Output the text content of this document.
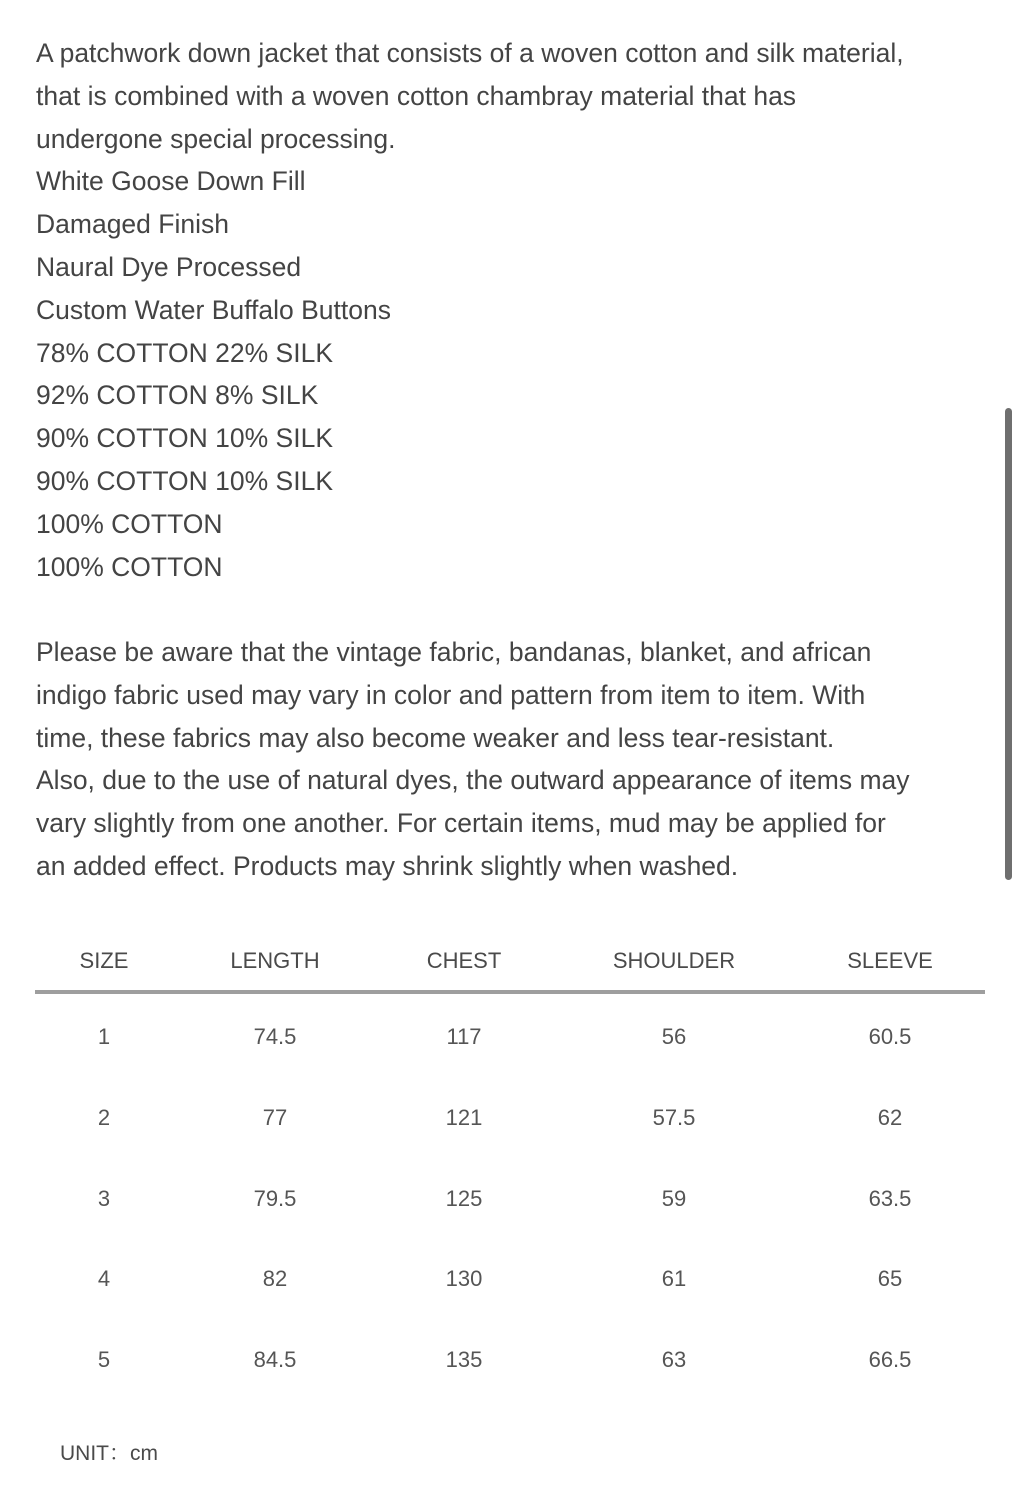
A patchwork down jacket that consists of a woven cotton and silk material,
that is combined with a woven cotton chambray material that has
undergone special processing.
White Goose Down Fill
Damaged Finish
Naural Dye Processed
Custom Water Buffalo Buttons
78% COTTON 22% SILK
92% COTTON 8% SILK
90% COTTON 10% SILK
90% COTTON 10% SILK
100% COTTON
100% COTTON
Please be aware that the vintage fabric, bandanas, blanket, and african
indigo fabric used may vary in color and pattern from item to item. With
time, these fabrics may also become weaker and less tear-resistant.
Also, due to the use of natural dyes, the outward appearance of items may
vary slightly from one another. For certain items, mud may be applied for
an added effect. Products may shrink slightly when washed.
SIZE	LENGTH	CHEST	SHOULDER	SLEEVE
1	74.5	117	56	60.5
2	77	121	57.5	62
3	79.5	125	59	63.5
4	82	130	61	65
5	84.5	135	63	66.5
UNIT：cm
